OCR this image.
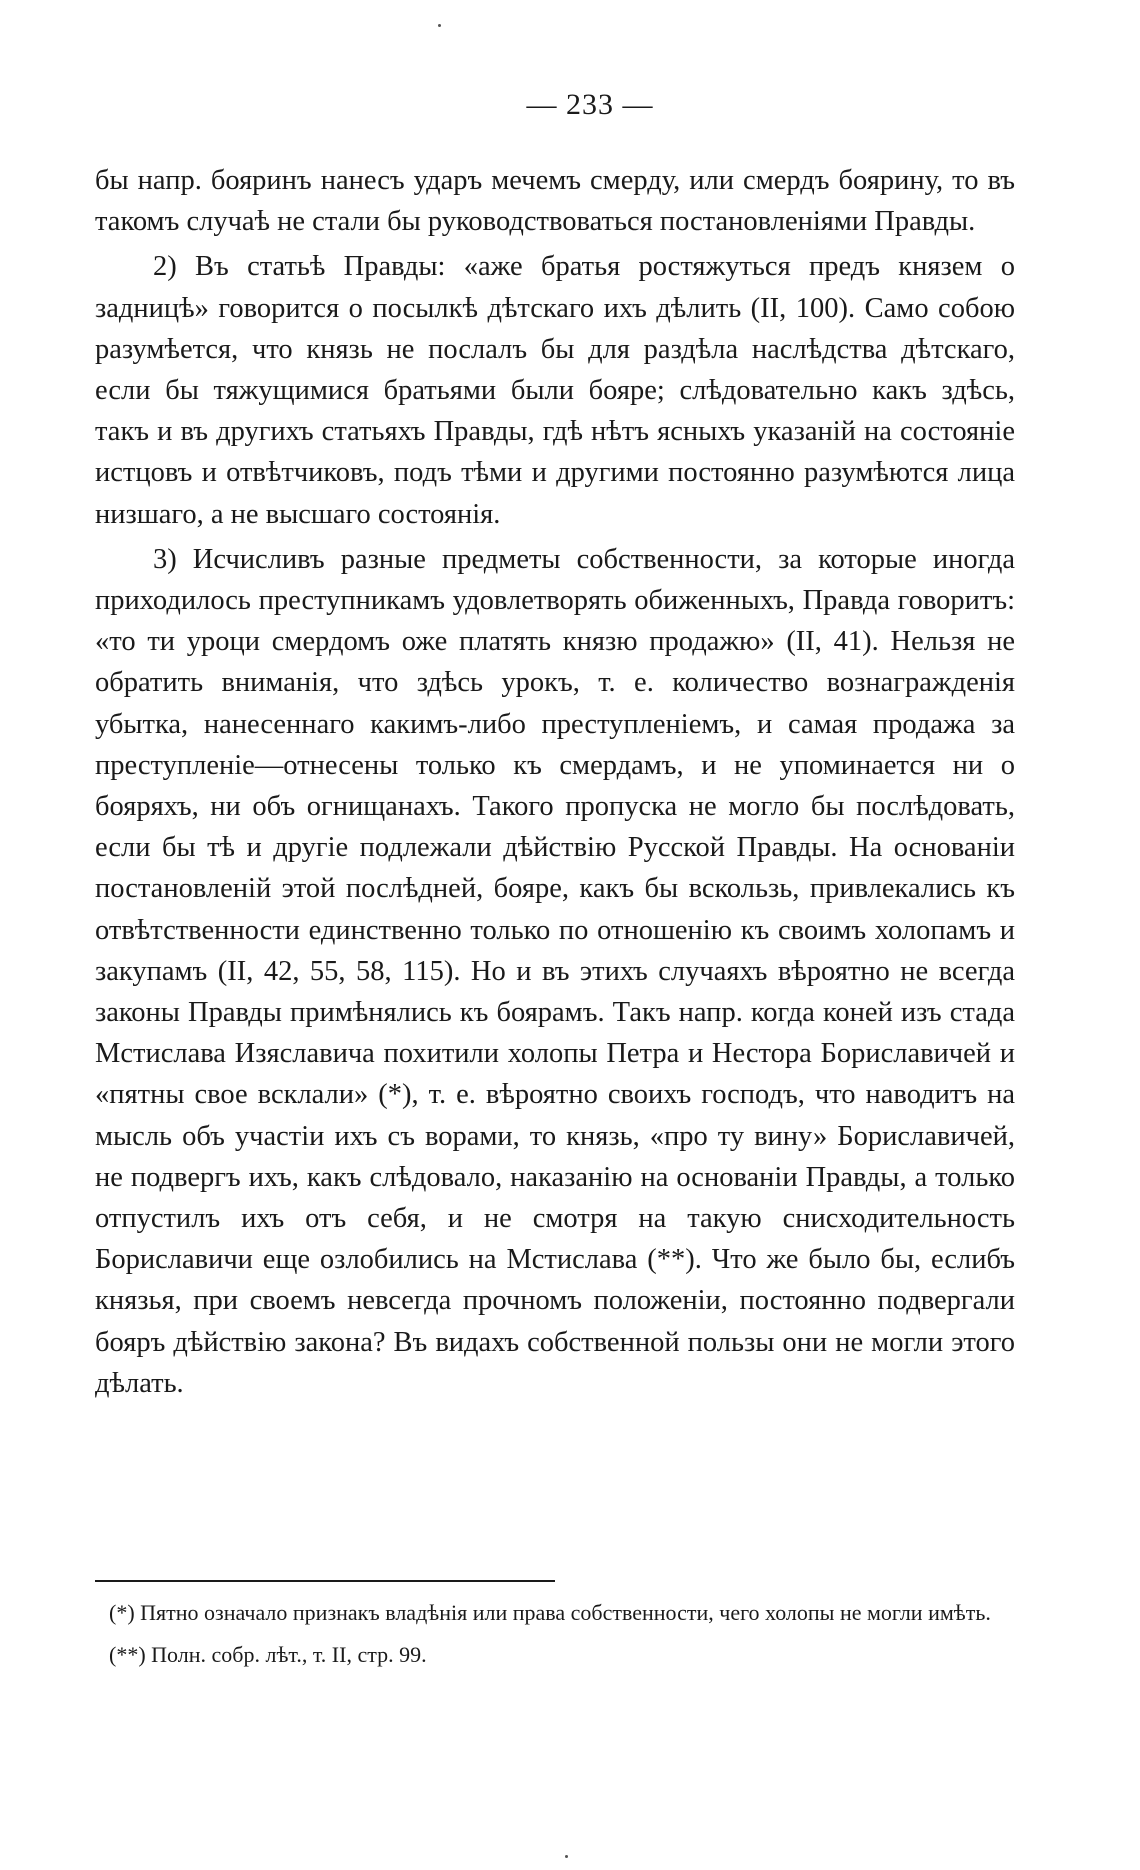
— 233 —

бы напр. бояринъ нанесъ ударъ мечемъ смерду, или смердъ боярину, то въ такомъ случаѣ не стали бы руководствоваться постановленіями Правды.

2) Въ статьѣ Правды: «аже братья ростяжуться предъ князем о задницѣ» говорится о посылкѣ дѣтскаго ихъ дѣлить (II, 100). Само собою разумѣется, что князь не послалъ бы для раздѣла наслѣдства дѣтскаго, если бы тяжущимися братьями были бояре; слѣдовательно какъ здѣсь, такъ и въ другихъ статьяхъ Правды, гдѣ нѣтъ ясныхъ указаній на состояніе истцовъ и отвѣтчиковъ, подъ тѣми и другими постоянно разумѣются лица низшаго, а не высшаго состоянія.

3) Исчисливъ разные предметы собственности, за которые иногда приходилось преступникамъ удовлетворять обиженныхъ, Правда говоритъ: «то ти уроци смердомъ оже платять князю продажю» (II, 41). Нельзя не обратить вниманія, что здѣсь урокъ, т. е. количество вознагражденія убытка, нанесеннаго какимъ-либо преступленіемъ, и самая продажа за преступленіе—отнесены только къ смердамъ, и не упоминается ни о бояряхъ, ни объ огнищанахъ. Такого пропуска не могло бы послѣдовать, если бы тѣ и другіе подлежали дѣйствію Русской Правды. На основаніи постановленій этой послѣдней, бояре, какъ бы вскользь, привлекались къ отвѣтственности единственно только по отношенію къ своимъ холопамъ и закупамъ (II, 42, 55, 58, 115). Но и въ этихъ случаяхъ вѣроятно не всегда законы Правды примѣнялись къ боярамъ. Такъ напр. когда коней изъ стада Мстислава Изяславича похитили холопы Петра и Нестора Бориславичей и «пятны свое всклали» (*), т. е. вѣроятно своихъ господъ, что наводитъ на мысль объ участіи ихъ съ ворами, то князь, «про ту вину» Бориславичей, не подвергъ ихъ, какъ слѣдовало, наказанію на основаніи Правды, а только отпустилъ ихъ отъ себя, и не смотря на такую снисходительность Бориславичи еще озлобились на Мстислава (**). Что же было бы, еслибъ князья, при своемъ невсегда прочномъ положеніи, постоянно подвергали бояръ дѣйствію закона? Въ видахъ собственной пользы они не могли этого дѣлать.

(*) Пятно означало признакъ владѣнія или права собственности, чего холопы не могли имѣть.

(**) Полн. собр. лѣт., т. II, стр. 99.
